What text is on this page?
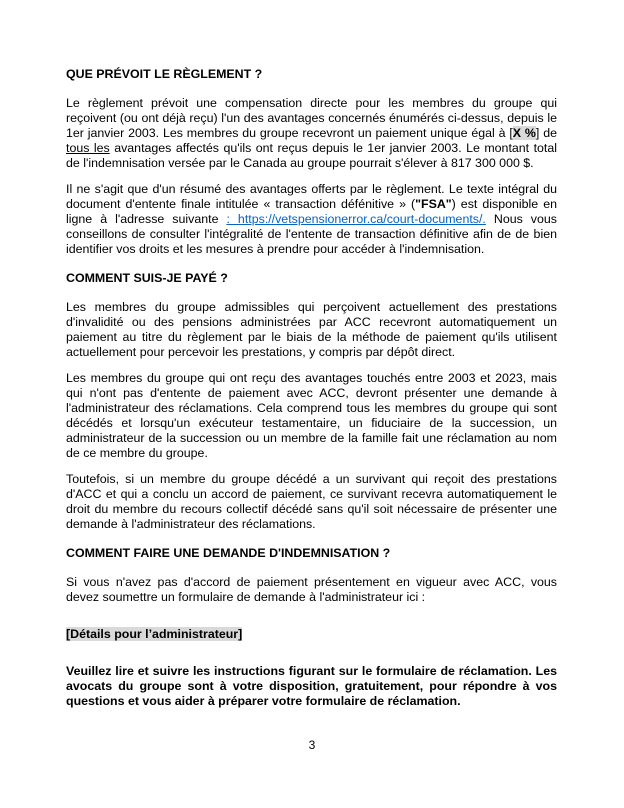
QUE PRÉVOIT LE RÈGLEMENT ?

Le règlement prévoit une compensation directe pour les membres du groupe qui reçoivent (ou ont déjà reçu) l'un des avantages concernés énumérés ci-dessus, depuis le 1er janvier 2003. Les membres du groupe recevront un paiement unique égal à [X %] de tous les avantages affectés qu'ils ont reçus depuis le 1er janvier 2003. Le montant total de l'indemnisation versée par le Canada au groupe pourrait s'élever à 817 300 000 $.

Il ne s'agit que d'un résumé des avantages offerts par le règlement. Le texte intégral du document d'entente finale intitulée « transaction défénitive » ("FSA") est disponible en ligne à l'adresse suivante : https://vetspensionerror.ca/court-documents/. Nous vous conseillons de consulter l'intégralité de l'entente de transaction définitive afin de de bien identifier vos droits et les mesures à prendre pour accéder à l'indemnisation.

COMMENT SUIS-JE PAYÉ ?

Les membres du groupe admissibles qui perçoivent actuellement des prestations d'invalidité ou des pensions administrées par ACC recevront automatiquement un paiement au titre du règlement par le biais de la méthode de paiement qu'ils utilisent actuellement pour percevoir les prestations, y compris par dépôt direct.

Les membres du groupe qui ont reçu des avantages touchés entre 2003 et 2023, mais qui n'ont pas d'entente de paiement avec ACC, devront présenter une demande à l'administrateur des réclamations. Cela comprend tous les membres du groupe qui sont décédés et lorsqu'un exécuteur testamentaire, un fiduciaire de la succession, un administrateur de la succession ou un membre de la famille fait une réclamation au nom de ce membre du groupe.

Toutefois, si un membre du groupe décédé a un survivant qui reçoit des prestations d'ACC et qui a conclu un accord de paiement, ce survivant recevra automatiquement le droit du membre du recours collectif décédé sans qu'il soit nécessaire de présenter une demande à l'administrateur des réclamations.

COMMENT FAIRE UNE DEMANDE D'INDEMNISATION ?

Si vous n'avez pas d'accord de paiement présentement en vigueur avec ACC, vous devez soumettre un formulaire de demande à l'administrateur ici :

[Détails pour l’administrateur]

Veuillez lire et suivre les instructions figurant sur le formulaire de réclamation. Les avocats du groupe sont à votre disposition, gratuitement, pour répondre à vos questions et vous aider à préparer votre formulaire de réclamation.

3
